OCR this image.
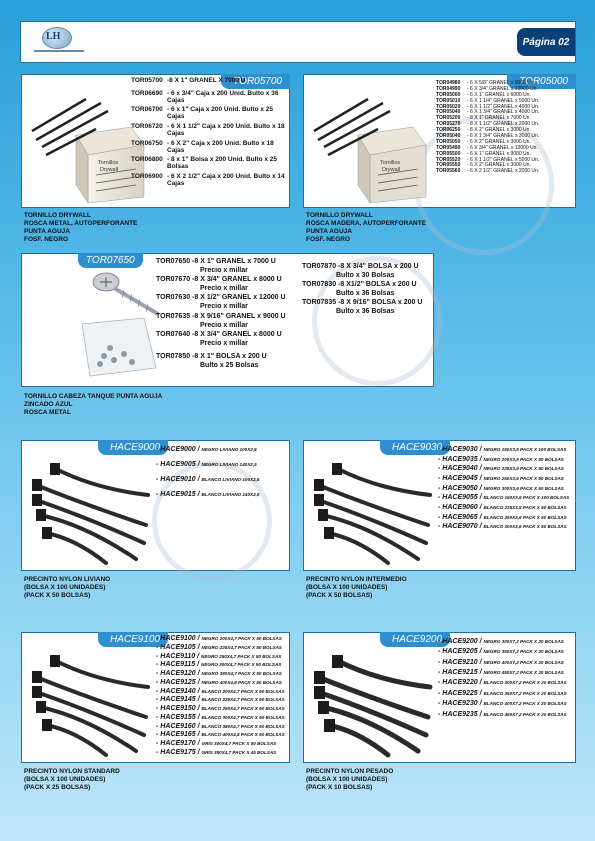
LH	Página 02
TOR05700
Tornillos
Drywall
TOR05700 -8 X 1" GRANEL X 7000 U
TOR06690 - 6 x 3/4" Caja x 200 Unid. Bulto x 36 Cajas
TOR06700 - 6 x 1" Caja x 200 Unid. Bulto x 25 Cajas
TOR06720 - 6 X 1 1/2" Caja x 200 Unid. Bulto x 18 Cajas
TOR06750 - 6 X 2" Caja x 200 Unid. Bulto x 18 Cajas
TOR06800 - 8 x 1" Bolsa x 200 Unid. Bulto x 25 Bolsas
TOR06900 - 6 X 2 1/2" Caja x 200 Unid. Bulto x 14 Cajas
TORNILLO DRYWALL
ROSCA METAL, AUTOPERFORANTE
PUNTA AGUJA
FOSF. NEGRO
TOR05000
Tornillos
Drywall
TOR04980	- 6 X 5/8" GRANEL x 9000 Un.
TOR04990	- 6 X 3/4" GRANEL x 13000 Un.
TOR05000	- 6 X 1" GRANEL x 6000 Un.
TOR05010	- 6 X 1 1/4" GRANEL x 5000 Un.
TOR05020	- 6 X 1 1/2" GRANEL x 4000 Un.
TOR05040	- 6 X 1 3/4" GRANEL x 4000 Un.
TOR05200	- 8 X 1" GRANEL x 7000 Un.
TOR05270	- 8 X 1 1/2" GRANEL x 2000 Un.
TOR06250	- 8 X 2" GRANEL x 3000 Un.
TOR05040	- 6 X 1 3/4" GRANEL x 3000 Un.
TOR05050	- 6 X 2" GRANEL x 3000 Un.
TOR05490	- 6 X 3/4" GRANEL x 13000 Un.
TOR05500	- 6 X 1" GRANEL x 9000 Un.
TOR05520	- 6 X 1 1/2" GRANEL x 5000 Un.
TOR05550	- 6 X 2" GRANEL x 3000 Un.
TOR05560	- 6 X 2 1/2" GRANEL x 2000 Un.
TORNILLO DRYWALL
ROSCA MADERA, AUTOPERFORANTE
PUNTA AGUJA
FOSF. NEGRO
TOR07650	TOR07650 -8 X 1" GRANEL x 7000 U
Precio x millar
TOR07670 -8 X 3/4" GRANEL x 8000 U
Precio x millar
TOR07630 -8 X 1/2" GRANEL x 12000 U
Precio x millar
TOR07635 -8 X 9/16" GRANEL x 9000 U
Precio x millar
TOR07640 -8 X 3/4" GRANEL x 8000 U
Precio x millar
TOR07850 -8 X 1" BOLSA x 200 U
Bulto x 25 Bolsas
TOR07870 -8 X 3/4" BOLSA x 200 U
Bulto x 30 Bolsas
TOR07830 -8 X1/2" BOLSA x 200 U
Bulto x 36 Bolsas
TOR07835 -8 X 9/16" BOLSA x 200 U
Bulto x 36 Bolsas
TORNILLO CABEZA TANQUE PUNTA AGUJA
ZINCADO AZUL
ROSCA METAL
HACE9000
- HACE9000 / NEGRO LIVIANO 100X2,5
- HACE9005 / NEGRO LIVIANO 140X2,5
- HACE9010 / BLANCO LIVIANO 100X2,5
- HACE9015 / BLANCO LIVIANO 140X2,5
PRECINTO NYLON LIVIANO
(BOLSA X 100 UNIDADES)
(PACK X 50 BOLSAS)
HACE9030
- HACE9030 / NEGRO 150X3,5 PACK X 100 BOLSAS
- HACE9035 / NEGRO 200X3,5 PACK X 50 BOLSAS
- HACE9040 / NEGRO 225X3,5 PACK X 50 BOLSAS
- HACE9045 / NEGRO 250X3,6 PACK X 50 BOLSAS
- HACE9050 / NEGRO 300X3,6 PACK X 50 BOLSAS
- HACE9055 / BLANCO 150X3,5 PACK X 100 BOLSAS
- HACE9060 / BLANCO 225X3,5 PACK X 50 BOLSAS
- HACE9065 / BLANCO 250X3,6 PACK X 50 BOLSAS
- HACE9070 / BLANCO 300X3,6 PACK X 50 BOLSAS
PRECINTO NYLON INTERMEDIO
(BOLSA X 100 UNIDADES)
(PACK X 50 BOLSAS)
HACE9100
- HACE9100 / NEGRO 200X4,7 PACK X 50 BOLSAS
- HACE9105 / NEGRO 225X4,7 PACK X 50 BOLSAS
- HACE9110 / NEGRO 250X4,7 PACK X 50 BOLSAS
- HACE9115 / NEGRO 300X4,7 PACK X 50 BOLSAS
- HACE9120 / NEGRO 380X4,7 PACK X 50 BOLSAS
- HACE9125 / NEGRO 400X4,8 PACK X 50 BOLSAS
- HACE9140 / BLANCO 200X4,7 PACK X 50 BOLSAS
- HACE9145 / BLANCO 225X4,7 PACK X 50 BOLSAS
- HACE9150 / BLANCO 250X4,7 PACK X 50 BOLSAS
- HACE9155 / BLANCO 300X4,7 PACK X 50 BOLSAS
- HACE9160 / BLANCO 380X4,7 PACK X 50 BOLSAS
- HACE9165 / BLANCO 400X4,8 PACK X 50 BOLSAS
- HACE9170 / GRIS 300X4,7 PACK X 50 BOLSAS
- HACE9175 / GRIS 380X4,7 PACK X 45 BOLSAS
PRECINTO NYLON STANDARD
(BOLSA X 100 UNIDADES)
(PACK X 25 BOLSAS)
HACE9200
- HACE9200 / NEGRO 300X7,2 PACK X 20 BOLSAS
- HACE9205 / NEGRO 350X7,2 PACK X 20 BOLSAS
- HACE9210 / NEGRO 400X7,2 PACK X 20 BOLSAS
- HACE9215 / NEGRO 450X7,2 PACK X 20 BOLSAS
- HACE9220 / BLANCO 300X7,2 PACK X 20 BOLSAS
- HACE9225 / BLANCO 350X7,2 PACK X 20 BOLSAS
- HACE9230 / BLANCO 400X7,2 PACK X 20 BOLSAS
- HACE9235 / BLANCO 450X7,2 PACK X 20 BOLSAS
PRECINTO NYLON PESADO
(BOLSA X 100 UNIDADES)
(PACK X 10 BOLSAS)
